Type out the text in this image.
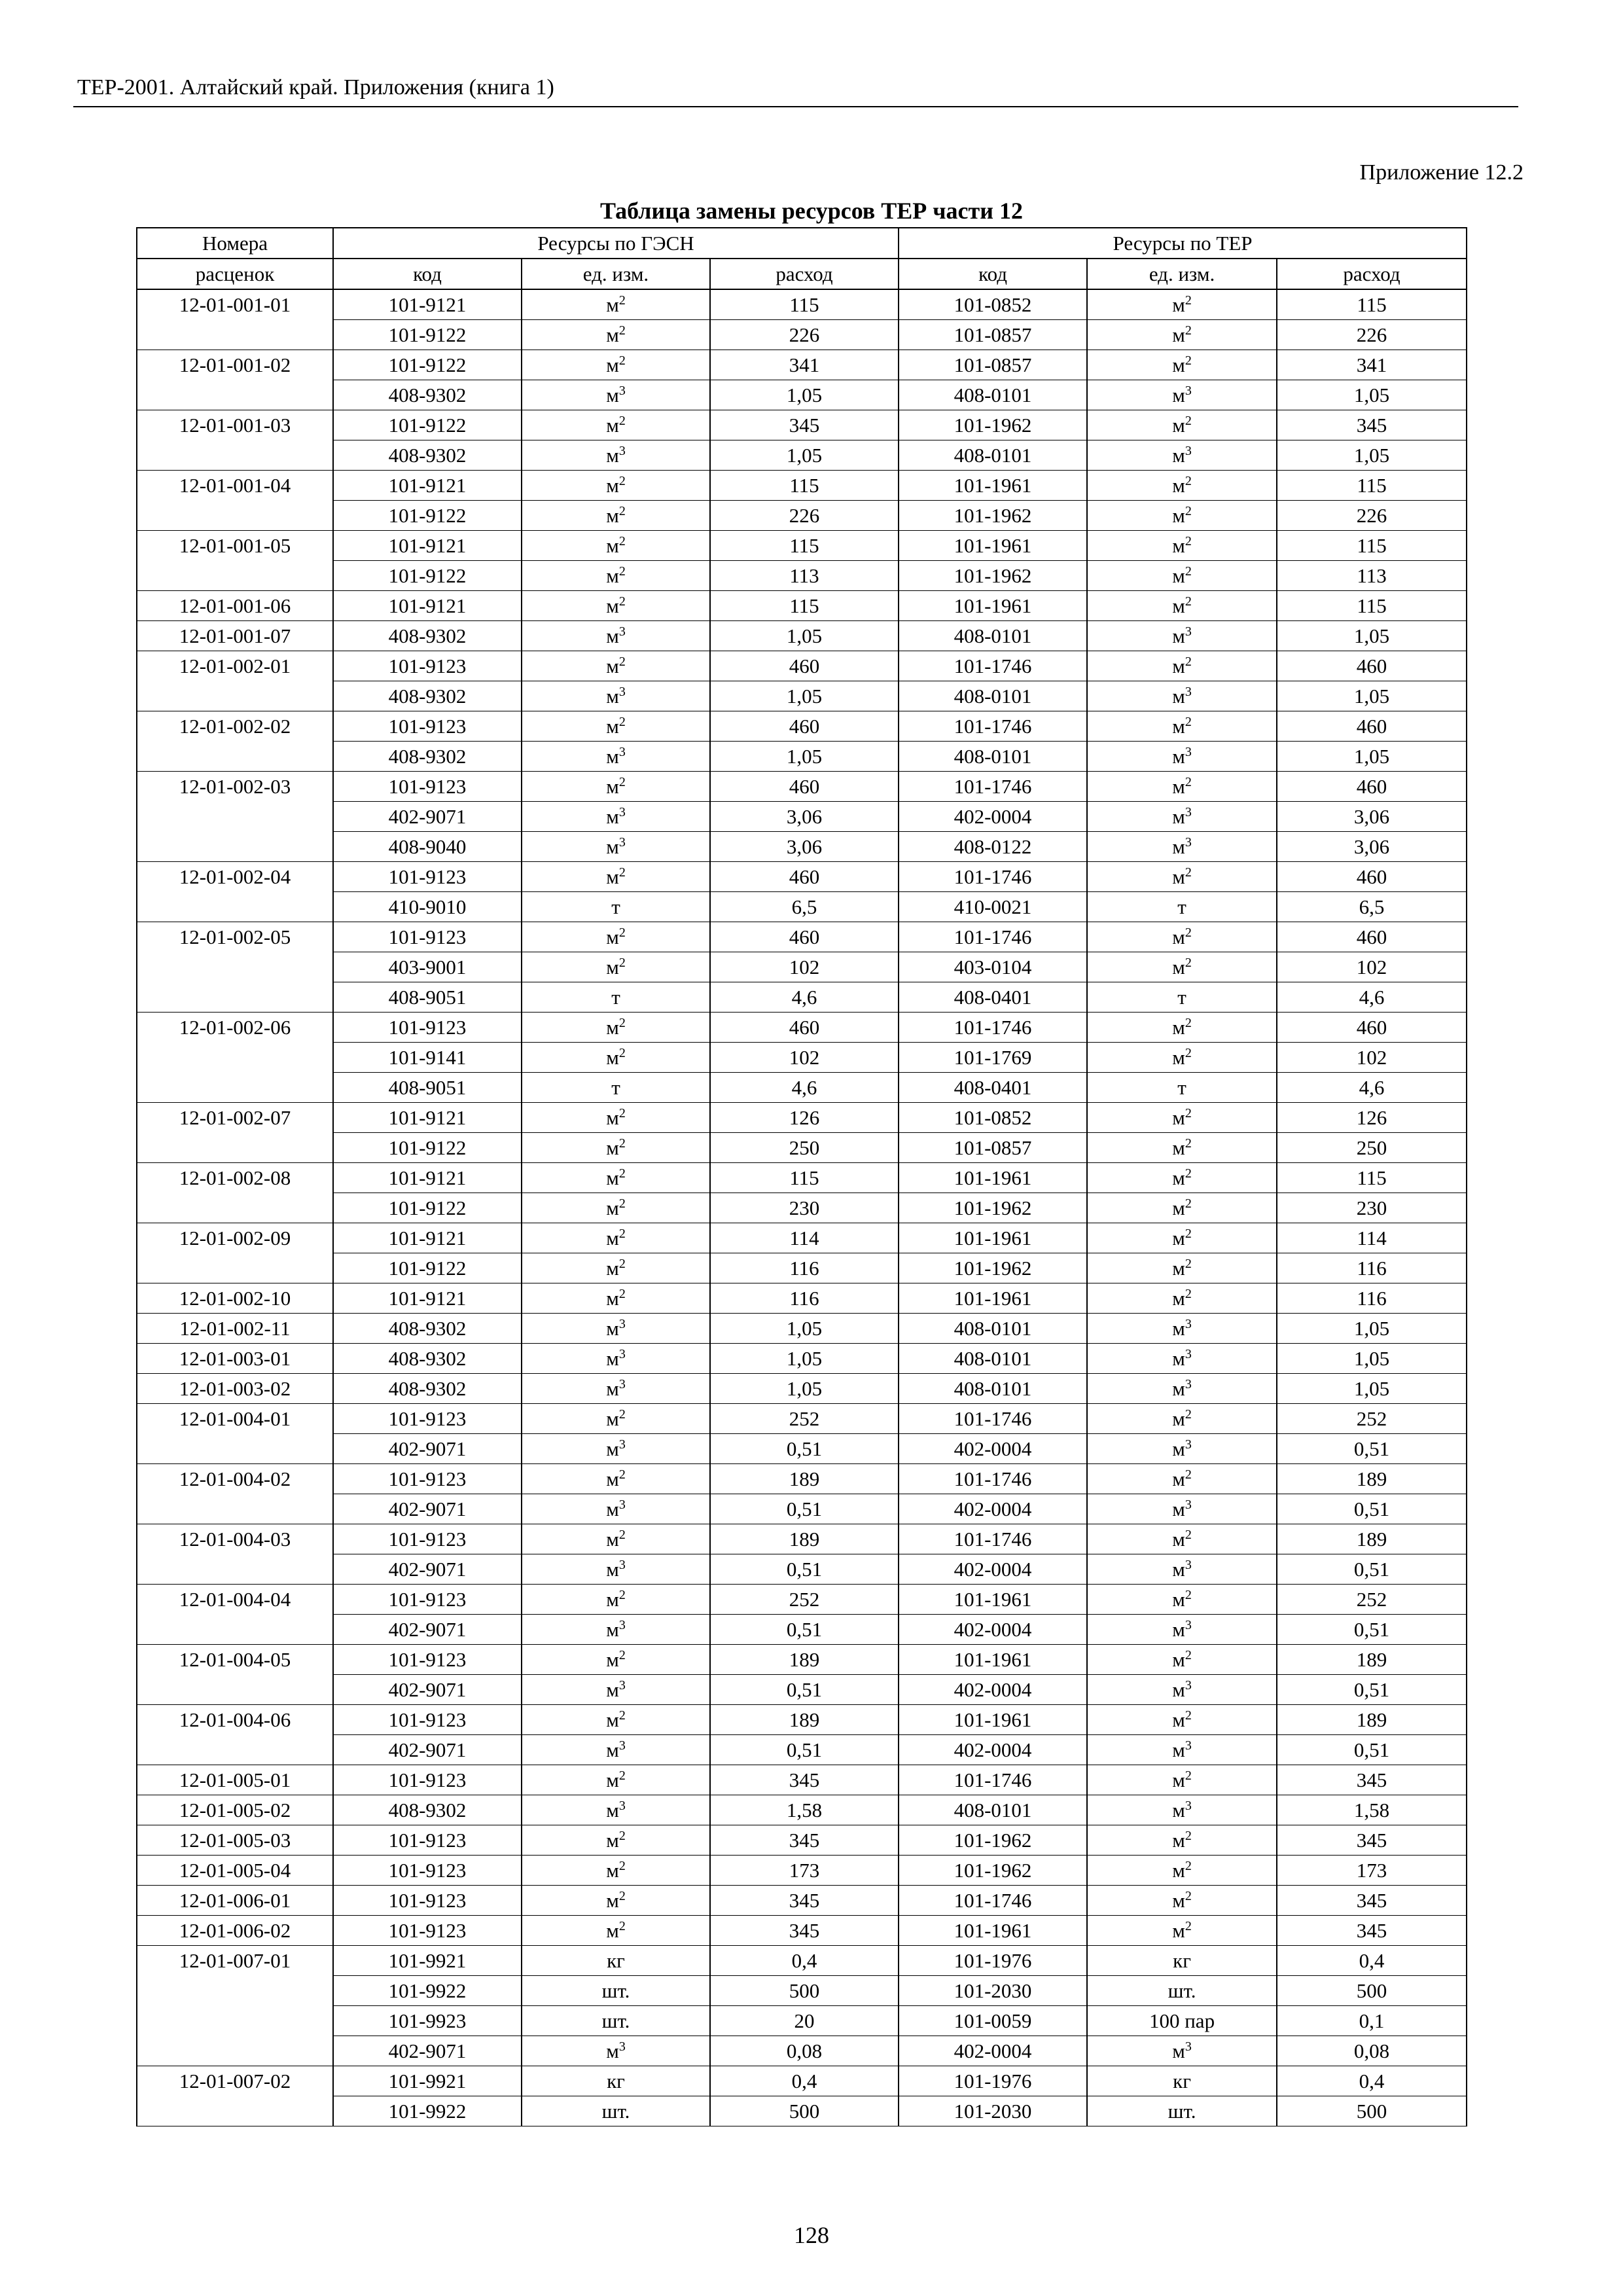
ТЕР-2001. Алтайский край. Приложения (книга 1)
Приложение 12.2
Таблица замены ресурсов ТЕР части 12
Номера	Ресурсы по ГЭСН			Ресурсы по ТЕР		
расценок	код	ед. изм.	расход	код	ед. изм.	расход
12-01-001-01	101-9121	$м^2$	115	101-0852	$м^2$	115
	101-9122	$м^2$	226	101-0857	$м^2$	226
12-01-001-02	101-9122	$м^2$	341	101-0857	$м^2$	341
	408-9302	$м^3$	1,05	408-0101	$м^3$	1,05
12-01-001-03	101-9122	$м^2$	345	101-1962	$м^2$	345
	408-9302	$м^3$	1,05	408-0101	$м^3$	1,05
12-01-001-04	101-9121	$м^2$	115	101-1961	$м^2$	115
	101-9122	$м^2$	226	101-1962	$м^2$	226
12-01-001-05	101-9121	$м^2$	115	101-1961	$м^2$	115
	101-9122	$м^2$	113	101-1962	$м^2$	113
12-01-001-06	101-9121	$м^2$	115	101-1961	$м^2$	115
12-01-001-07	408-9302	$м^3$	1,05	408-0101	$м^3$	1,05
12-01-002-01	101-9123	$м^2$	460	101-1746	$м^2$	460
	408-9302	$м^3$	1,05	408-0101	$м^3$	1,05
12-01-002-02	101-9123	$м^2$	460	101-1746	$м^2$	460
	408-9302	$м^3$	1,05	408-0101	$м^3$	1,05
12-01-002-03	101-9123	$м^2$	460	101-1746	$м^2$	460
	402-9071	$м^3$	3,06	402-0004	$м^3$	3,06
	408-9040	$м^3$	3,06	408-0122	$м^3$	3,06
12-01-002-04	101-9123	$м^2$	460	101-1746	$м^2$	460
	410-9010	т	6,5	410-0021	т	6,5
12-01-002-05	101-9123	$м^2$	460	101-1746	$м^2$	460
	403-9001	$м^2$	102	403-0104	$м^2$	102
	408-9051	т	4,6	408-0401	т	4,6
12-01-002-06	101-9123	$м^2$	460	101-1746	$м^2$	460
	101-9141	$м^2$	102	101-1769	$м^2$	102
	408-9051	т	4,6	408-0401	т	4,6
12-01-002-07	101-9121	$м^2$	126	101-0852	$м^2$	126
	101-9122	$м^2$	250	101-0857	$м^2$	250
12-01-002-08	101-9121	$м^2$	115	101-1961	$м^2$	115
	101-9122	$м^2$	230	101-1962	$м^2$	230
12-01-002-09	101-9121	$м^2$	114	101-1961	$м^2$	114
	101-9122	$м^2$	116	101-1962	$м^2$	116
12-01-002-10	101-9121	$м^2$	116	101-1961	$м^2$	116
12-01-002-11	408-9302	$м^3$	1,05	408-0101	$м^3$	1,05
12-01-003-01	408-9302	$м^3$	1,05	408-0101	$м^3$	1,05
12-01-003-02	408-9302	$м^3$	1,05	408-0101	$м^3$	1,05
12-01-004-01	101-9123	$м^2$	252	101-1746	$м^2$	252
	402-9071	$м^3$	0,51	402-0004	$м^3$	0,51
12-01-004-02	101-9123	$м^2$	189	101-1746	$м^2$	189
	402-9071	$м^3$	0,51	402-0004	$м^3$	0,51
12-01-004-03	101-9123	$м^2$	189	101-1746	$м^2$	189
	402-9071	$м^3$	0,51	402-0004	$м^3$	0,51
12-01-004-04	101-9123	$м^2$	252	101-1961	$м^2$	252
	402-9071	$м^3$	0,51	402-0004	$м^3$	0,51
12-01-004-05	101-9123	$м^2$	189	101-1961	$м^2$	189
	402-9071	$м^3$	0,51	402-0004	$м^3$	0,51
12-01-004-06	101-9123	$м^2$	189	101-1961	$м^2$	189
	402-9071	$м^3$	0,51	402-0004	$м^3$	0,51
12-01-005-01	101-9123	$м^2$	345	101-1746	$м^2$	345
12-01-005-02	408-9302	$м^3$	1,58	408-0101	$м^3$	1,58
12-01-005-03	101-9123	$м^2$	345	101-1962	$м^2$	345
12-01-005-04	101-9123	$м^2$	173	101-1962	$м^2$	173
12-01-006-01	101-9123	$м^2$	345	101-1746	$м^2$	345
12-01-006-02	101-9123	$м^2$	345	101-1961	$м^2$	345
12-01-007-01	101-9921	кг	0,4	101-1976	кг	0,4
	101-9922	шт.	500	101-2030	шт.	500
	101-9923	шт.	20	101-0059	100 пар	0,1
	402-9071	$м^3$	0,08	402-0004	$м^3$	0,08
12-01-007-02	101-9921	кг	0,4	101-1976	кг	0,4
	101-9922	шт.	500	101-2030	шт.	500
128
